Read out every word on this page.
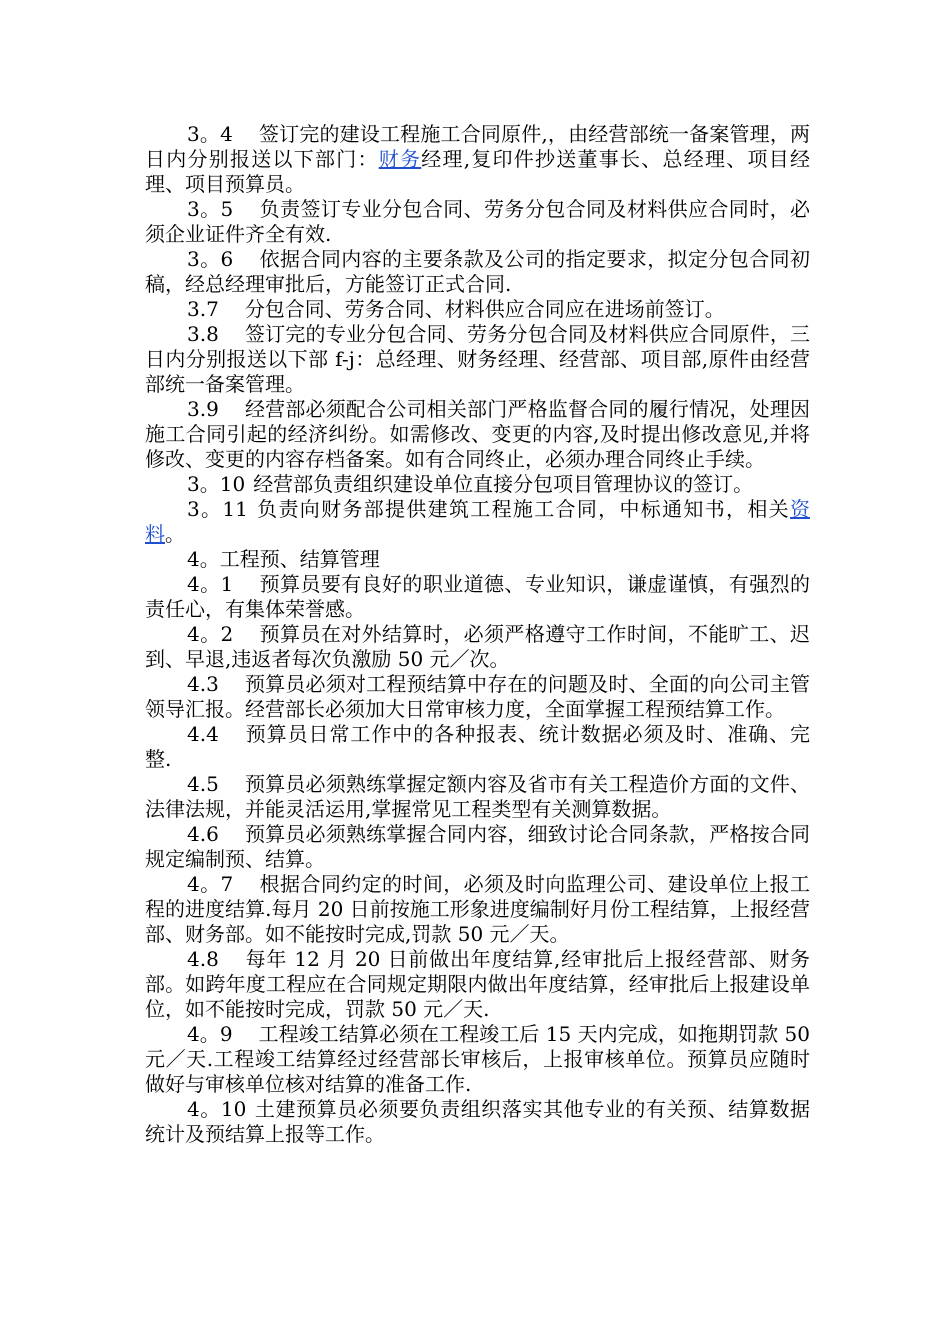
3。4 签订完的建设工程施工合同原件,，由经营部统一备案管理，两日内分别报送以下部门：财务经理,复印件抄送董事长、总经理、项目经理、项目预算员。

3。5 负责签订专业分包合同、劳务分包合同及材料供应合同时，必须企业证件齐全有效.

3。6 依据合同内容的主要条款及公司的指定要求，拟定分包合同初稿，经总经理审批后，方能签订正式合同.

3.7 分包合同、劳务合同、材料供应合同应在进场前签订。

3.8 签订完的专业分包合同、劳务分包合同及材料供应合同原件，三日内分别报送以下部 f-j：总经理、财务经理、经营部、项目部,原件由经营部统一备案管理。

3.9 经营部必须配合公司相关部门严格监督合同的履行情况，处理因施工合同引起的经济纠纷。如需修改、变更的内容,及时提出修改意见,并将修改、变更的内容存档备案。如有合同终止，必须办理合同终止手续。

3。10 经营部负责组织建设单位直接分包项目管理协议的签订。

3。11 负责向财务部提供建筑工程施工合同，中标通知书，相关资料。

4。工程预、结算管理

4。1 预算员要有良好的职业道德、专业知识，谦虚谨慎，有强烈的责任心，有集体荣誉感。

4。2 预算员在对外结算时，必须严格遵守工作时间，不能旷工、迟到、早退,违返者每次负激励 50 元／次。

4.3 预算员必须对工程预结算中存在的问题及时、全面的向公司主管领导汇报。经营部长必须加大日常审核力度，全面掌握工程预结算工作。

4.4 预算员日常工作中的各种报表、统计数据必须及时、准确、完整.

4.5 预算员必须熟练掌握定额内容及省市有关工程造价方面的文件、法律法规，并能灵活运用,掌握常见工程类型有关测算数据。

4.6 预算员必须熟练掌握合同内容，细致讨论合同条款，严格按合同规定编制预、结算。

4。7 根据合同约定的时间，必须及时向监理公司、建设单位上报工程的进度结算.每月 20 日前按施工形象进度编制好月份工程结算，上报经营部、财务部。如不能按时完成,罚款 50 元／天。

4.8 每年 12 月 20 日前做出年度结算,经审批后上报经营部、财务部。如跨年度工程应在合同规定期限内做出年度结算，经审批后上报建设单位，如不能按时完成，罚款 50 元／天.

4。9 工程竣工结算必须在工程竣工后 15 天内完成，如拖期罚款 50 元／天.工程竣工结算经过经营部长审核后，上报审核单位。预算员应随时做好与审核单位核对结算的准备工作.

4。10 土建预算员必须要负责组织落实其他专业的有关预、结算数据统计及预结算上报等工作。
